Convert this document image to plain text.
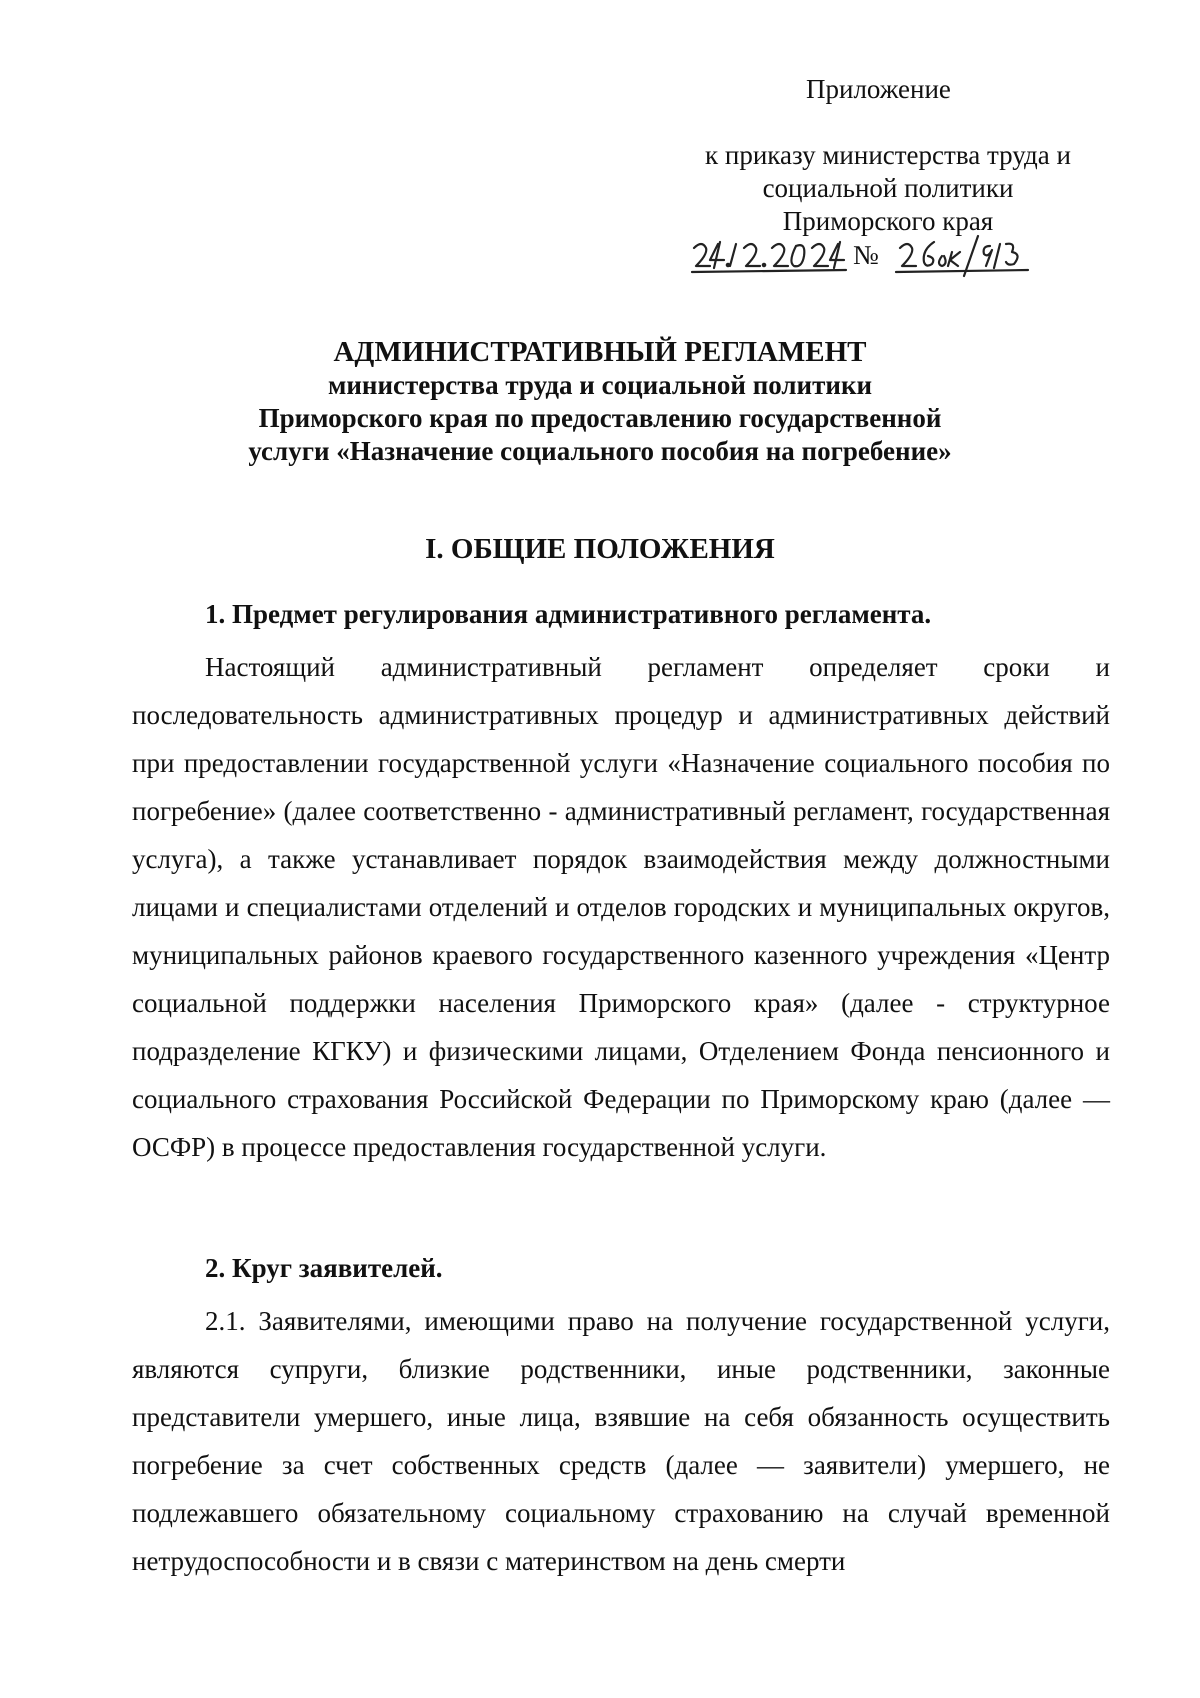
Приложение
к приказу министерства труда и
социальной политики
Приморского края
№
АДМИНИСТРАТИВНЫЙ РЕГЛАМЕНТ
министерства труда и социальной политики
Приморского края по предоставлению государственной
услуги «Назначение социального пособия на погребение»
I. ОБЩИЕ ПОЛОЖЕНИЯ
1. Предмет регулирования административного регламента.
Настоящий административный регламент определяет сроки и последовательность административных процедур и административных действий при предоставлении государственной услуги «Назначение социального пособия по погребение» (далее соответственно - административный регламент, государственная услуга), а также устанавливает порядок взаимодействия между должностными лицами и специалистами отделений и отделов городских и муниципальных округов, муниципальных районов краевого государственного казенного учреждения «Центр социальной поддержки населения Приморского края» (далее - структурное подразделение КГКУ) и физическими лицами, Отделением Фонда пенсионного и социального страхования Российской Федерации по Приморскому краю (далее — ОСФР) в процессе предоставления государственной услуги.
2. Круг заявителей.
2.1. Заявителями, имеющими право на получение государственной услуги, являются супруги, близкие родственники, иные родственники, законные представители умершего, иные лица, взявшие на себя обязанность осуществить погребение за счет собственных средств (далее — заявители) умершего, не подлежавшего обязательному социальному страхованию на случай временной нетрудоспособности и в связи с материнством на день смерти
